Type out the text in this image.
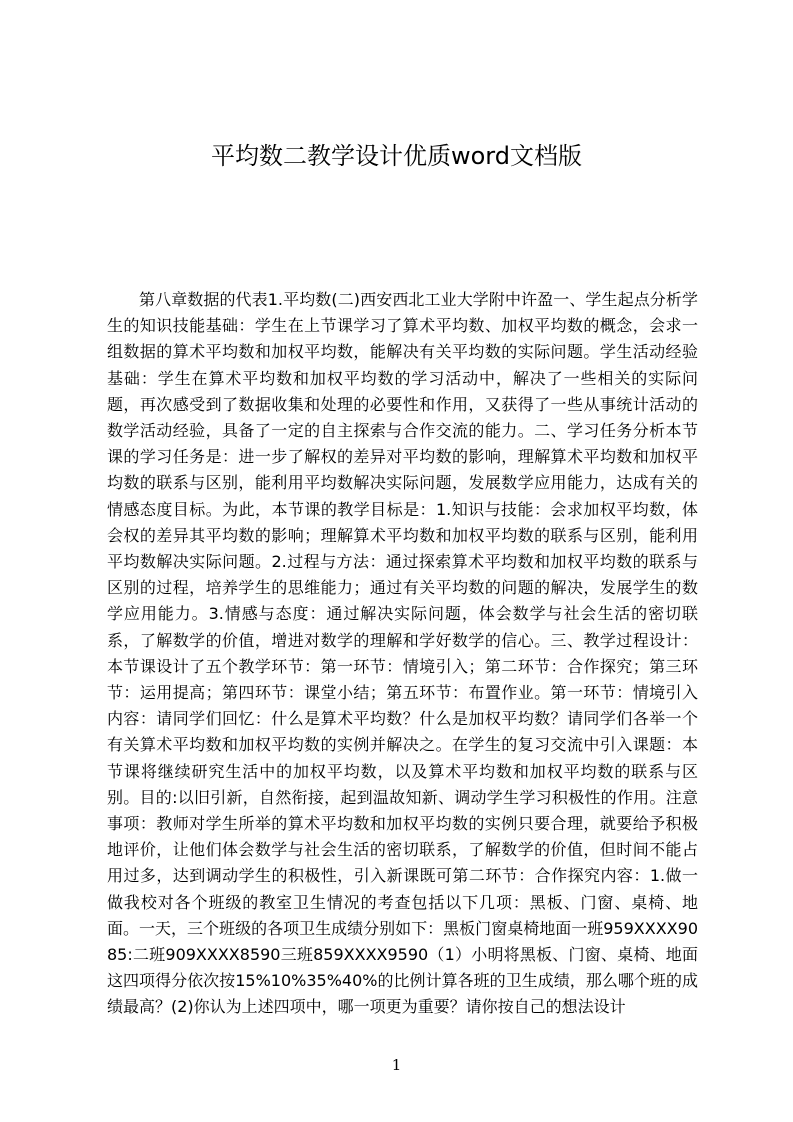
平均数二教学设计优质word文档版

第八章数据的代表1.平均数(二)西安西北工业大学附中许盈一、学生起点分析学生的知识技能基础：学生在上节课学习了算术平均数、加权平均数的概念，会求一组数据的算术平均数和加权平均数，能解决有关平均数的实际问题。学生活动经验基础：学生在算术平均数和加权平均数的学习活动中，解决了一些相关的实际问题，再次感受到了数据收集和处理的必要性和作用，又获得了一些从事统计活动的数学活动经验，具备了一定的自主探索与合作交流的能力。二、学习任务分析本节课的学习任务是：进一步了解权的差异对平均数的影响，理解算术平均数和加权平均数的联系与区别，能利用平均数解决实际问题，发展数学应用能力，达成有关的情感态度目标。为此，本节课的教学目标是：1.知识与技能：会求加权平均数，体会权的差异其平均数的影响；理解算术平均数和加权平均数的联系与区别，能利用平均数解决实际问题。2.过程与方法：通过探索算术平均数和加权平均数的联系与区别的过程，培养学生的思维能力；通过有关平均数的问题的解决，发展学生的数学应用能力。3.情感与态度：通过解决实际问题，体会数学与社会生活的密切联系，了解数学的价值，增进对数学的理解和学好数学的信心。三、教学过程设计：本节课设计了五个教学环节：第一环节：情境引入；第二环节：合作探究；第三环节：运用提高；第四环节：课堂小结；第五环节：布置作业。第一环节：情境引入内容：请同学们回忆：什么是算术平均数？什么是加权平均数？请同学们各举一个有关算术平均数和加权平均数的实例并解决之。在学生的复习交流中引入课题：本节课将继续研究生活中的加权平均数，以及算术平均数和加权平均数的联系与区别。目的:以旧引新，自然衔接，起到温故知新、调动学生学习积极性的作用。注意事项：教师对学生所举的算术平均数和加权平均数的实例只要合理，就要给予积极地评价，让他们体会数学与社会生活的密切联系，了解数学的价值，但时间不能占用过多，达到调动学生的积极性，引入新课既可第二环节：合作探究内容：1.做一做我校对各个班级的教室卫生情况的考查包括以下几项：黑板、门窗、桌椅、地面。一天，三个班级的各项卫生成绩分别如下：黑板门窗桌椅地面一班959XXXX9085:二班909XXXX8590三班859XXXX9590（1）小明将黑板、门窗、桌椅、地面这四项得分依次按15%10%35%40%的比例计算各班的卫生成绩，那么哪个班的成绩最高？(2)你认为上述四项中，哪一项更为重要？请你按自己的想法设计

1
